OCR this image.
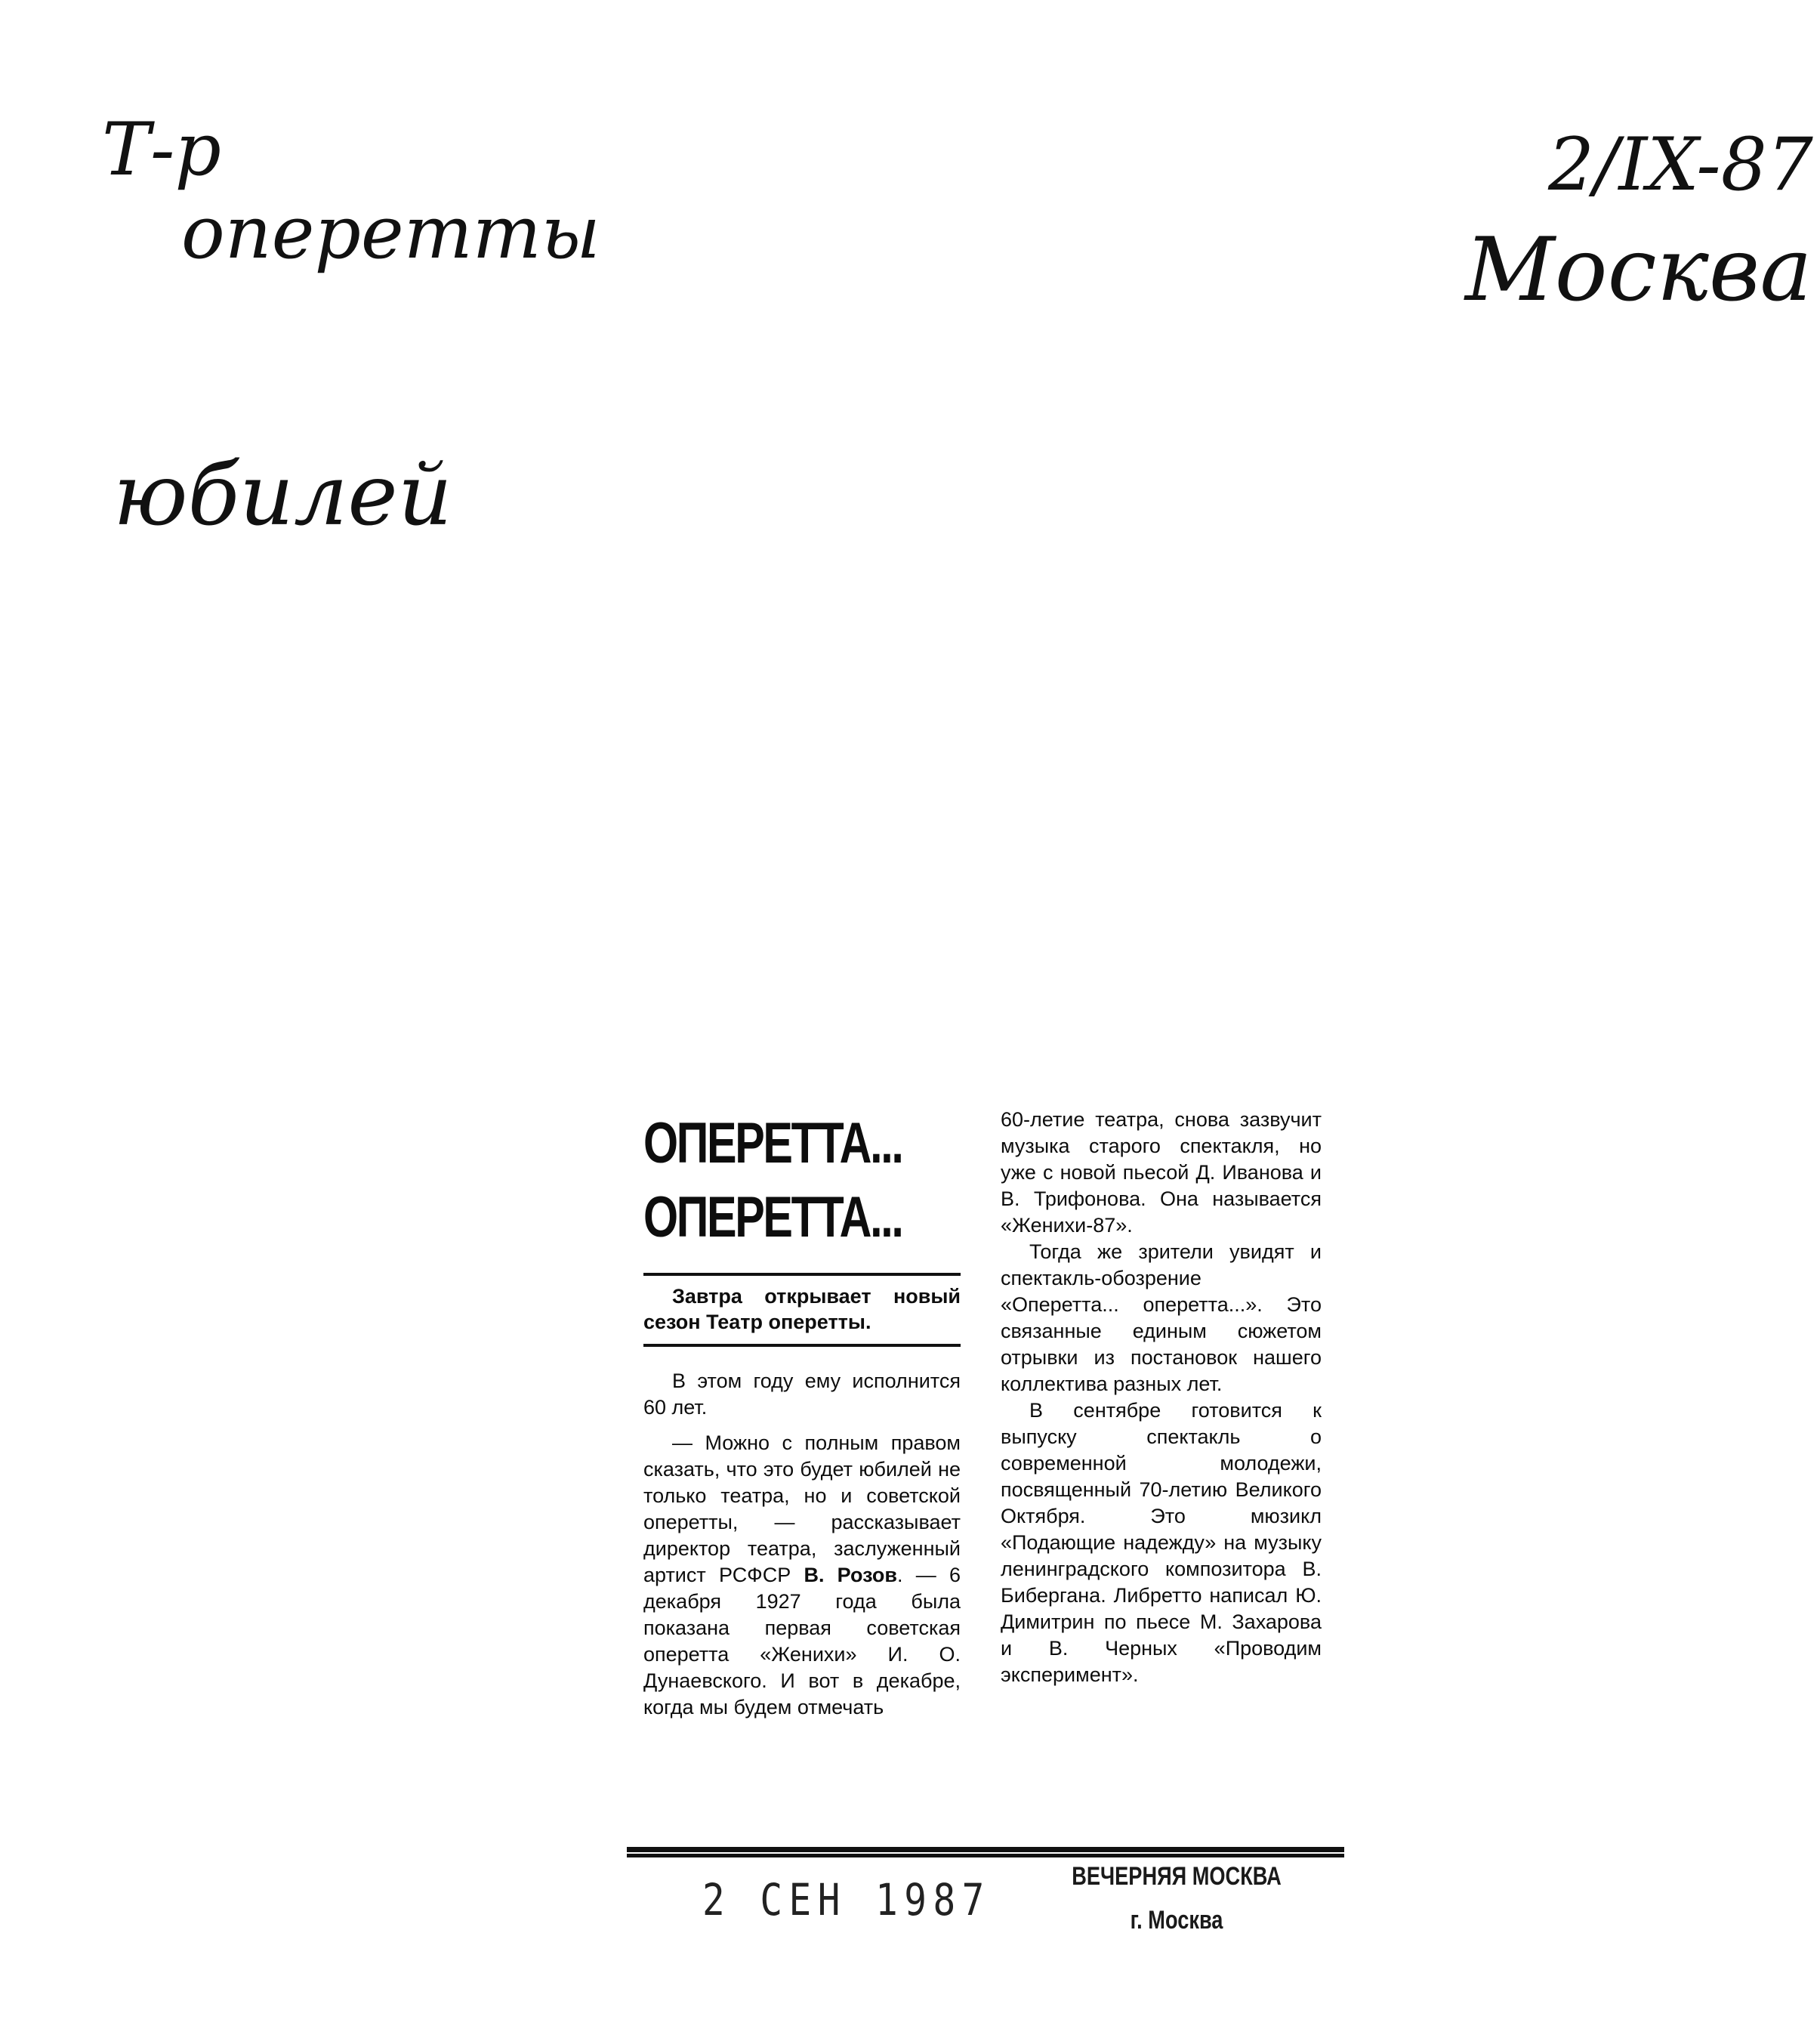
Т-р
оперетты
юбилей
2/IX-87
Москва

ОПЕРЕТТА...

ОПЕРЕТТА...

Завтра открывает новый сезон Театр оперетты.

В этом году ему исполнится 60 лет.

— Можно с полным правом сказать, что это будет юбилей не только театра, но и советской оперетты, — рассказывает директор театра, заслуженный артист РСФСР В. Розов. — 6 декабря 1927 года была показана первая советская оперетта «Женихи» И. О. Дунаевского. И вот в декабре, когда мы будем отмечать

60-летие театра, снова зазвучит музыка старого спектакля, но уже с новой пьесой Д. Иванова и В. Трифонова. Она называется «Женихи-87».

Тогда же зрители увидят и спектакль-обозрение «Оперетта... оперетта...». Это связанные единым сюжетом отрывки из постановок нашего коллектива разных лет.

В сентябре готовится к выпуску спектакль о современной молодежи, посвященный 70-летию Великого Октября. Это мюзикл «Подающие надежду» на музыку ленинградского композитора В. Бибергана. Либретто написал Ю. Димитрин по пьесе М. Захарова и В. Черных «Проводим эксперимент».

2 СЕН 1987	ВЕЧЕРНЯЯ МОСКВА
г. Москва
